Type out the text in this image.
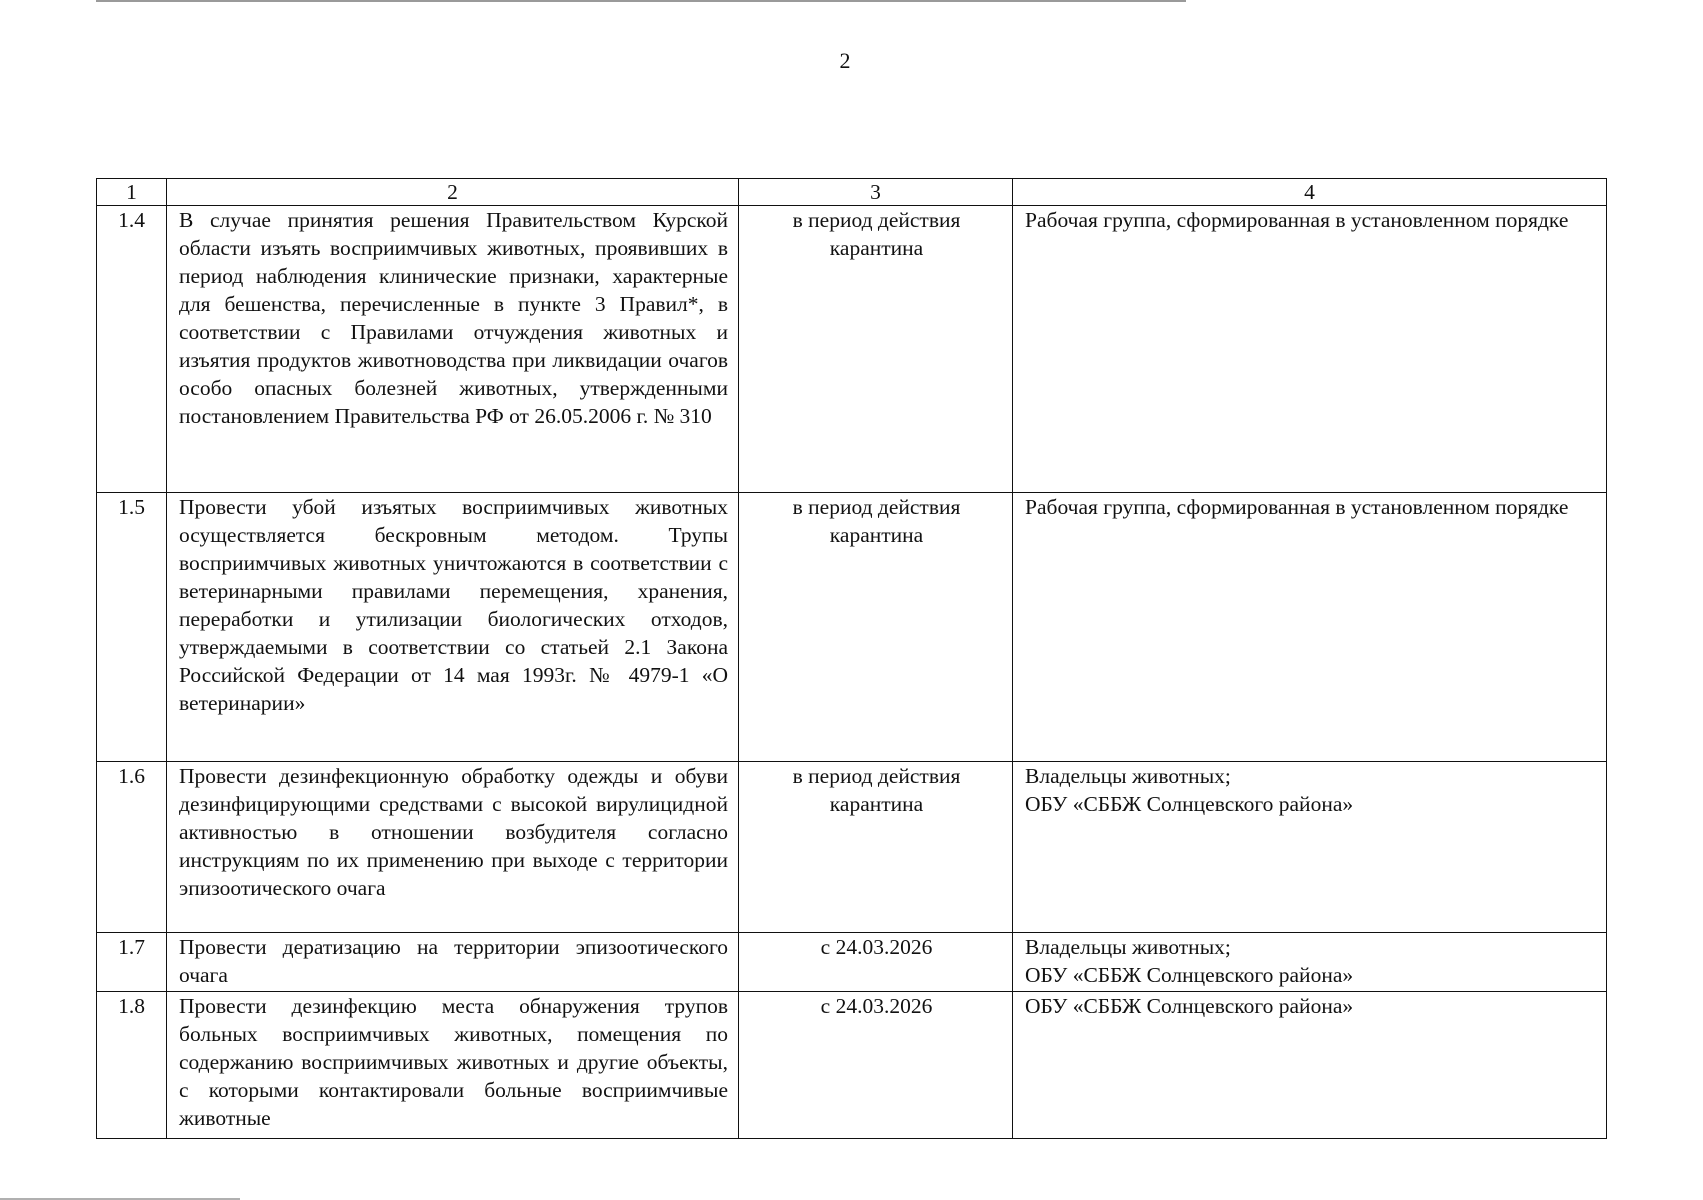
2
1	2	3	4
1.4	В случае принятия решения Правительством Курской области изъять восприимчивых животных, проявивших в период наблюдения клинические признаки, характерные для бешенства, перечисленные в пункте 3 Правил*, в соответствии с Правилами отчуждения животных и изъятия продуктов животноводства при ликвидации очагов особо опасных болезней животных, утвержденными постановлением Правительства РФ от 26.05.2006 г. № 310	в период действия карантина	Рабочая группа, сформированная в установленном порядке
1.5	Провести убой изъятых восприимчивых животных осуществляется бескровным методом. Трупы восприимчивых животных уничтожаются в соответствии с ветеринарными правилами перемещения, хранения, переработки и утилизации биологических отходов, утверждаемыми в соответствии со статьей 2.1 Закона Российской Федерации от 14 мая 1993г. № 4979-1 «О ветеринарии»	в период действия карантина	Рабочая группа, сформированная в установленном порядке
1.6	Провести дезинфекционную обработку одежды и обуви дезинфицирующими средствами с высокой вирулицидной активностью в отношении возбудителя согласно инструкциям по их применению при выходе с территории эпизоотического очага	в период действия карантина	Владельцы животных;
ОБУ «СББЖ Солнцевского района»

1.7	Провести дератизацию на территории эпизоотического очага	с 24.03.2026	Владельцы животных;
ОБУ «СББЖ Солнцевского района»

1.8	Провести дезинфекцию места обнаружения трупов больных восприимчивых животных, помещения по содержанию восприимчивых животных и другие объекты, с которыми контактировали больные восприимчивые животные	с 24.03.2026	ОБУ «СББЖ Солнцевского района»
